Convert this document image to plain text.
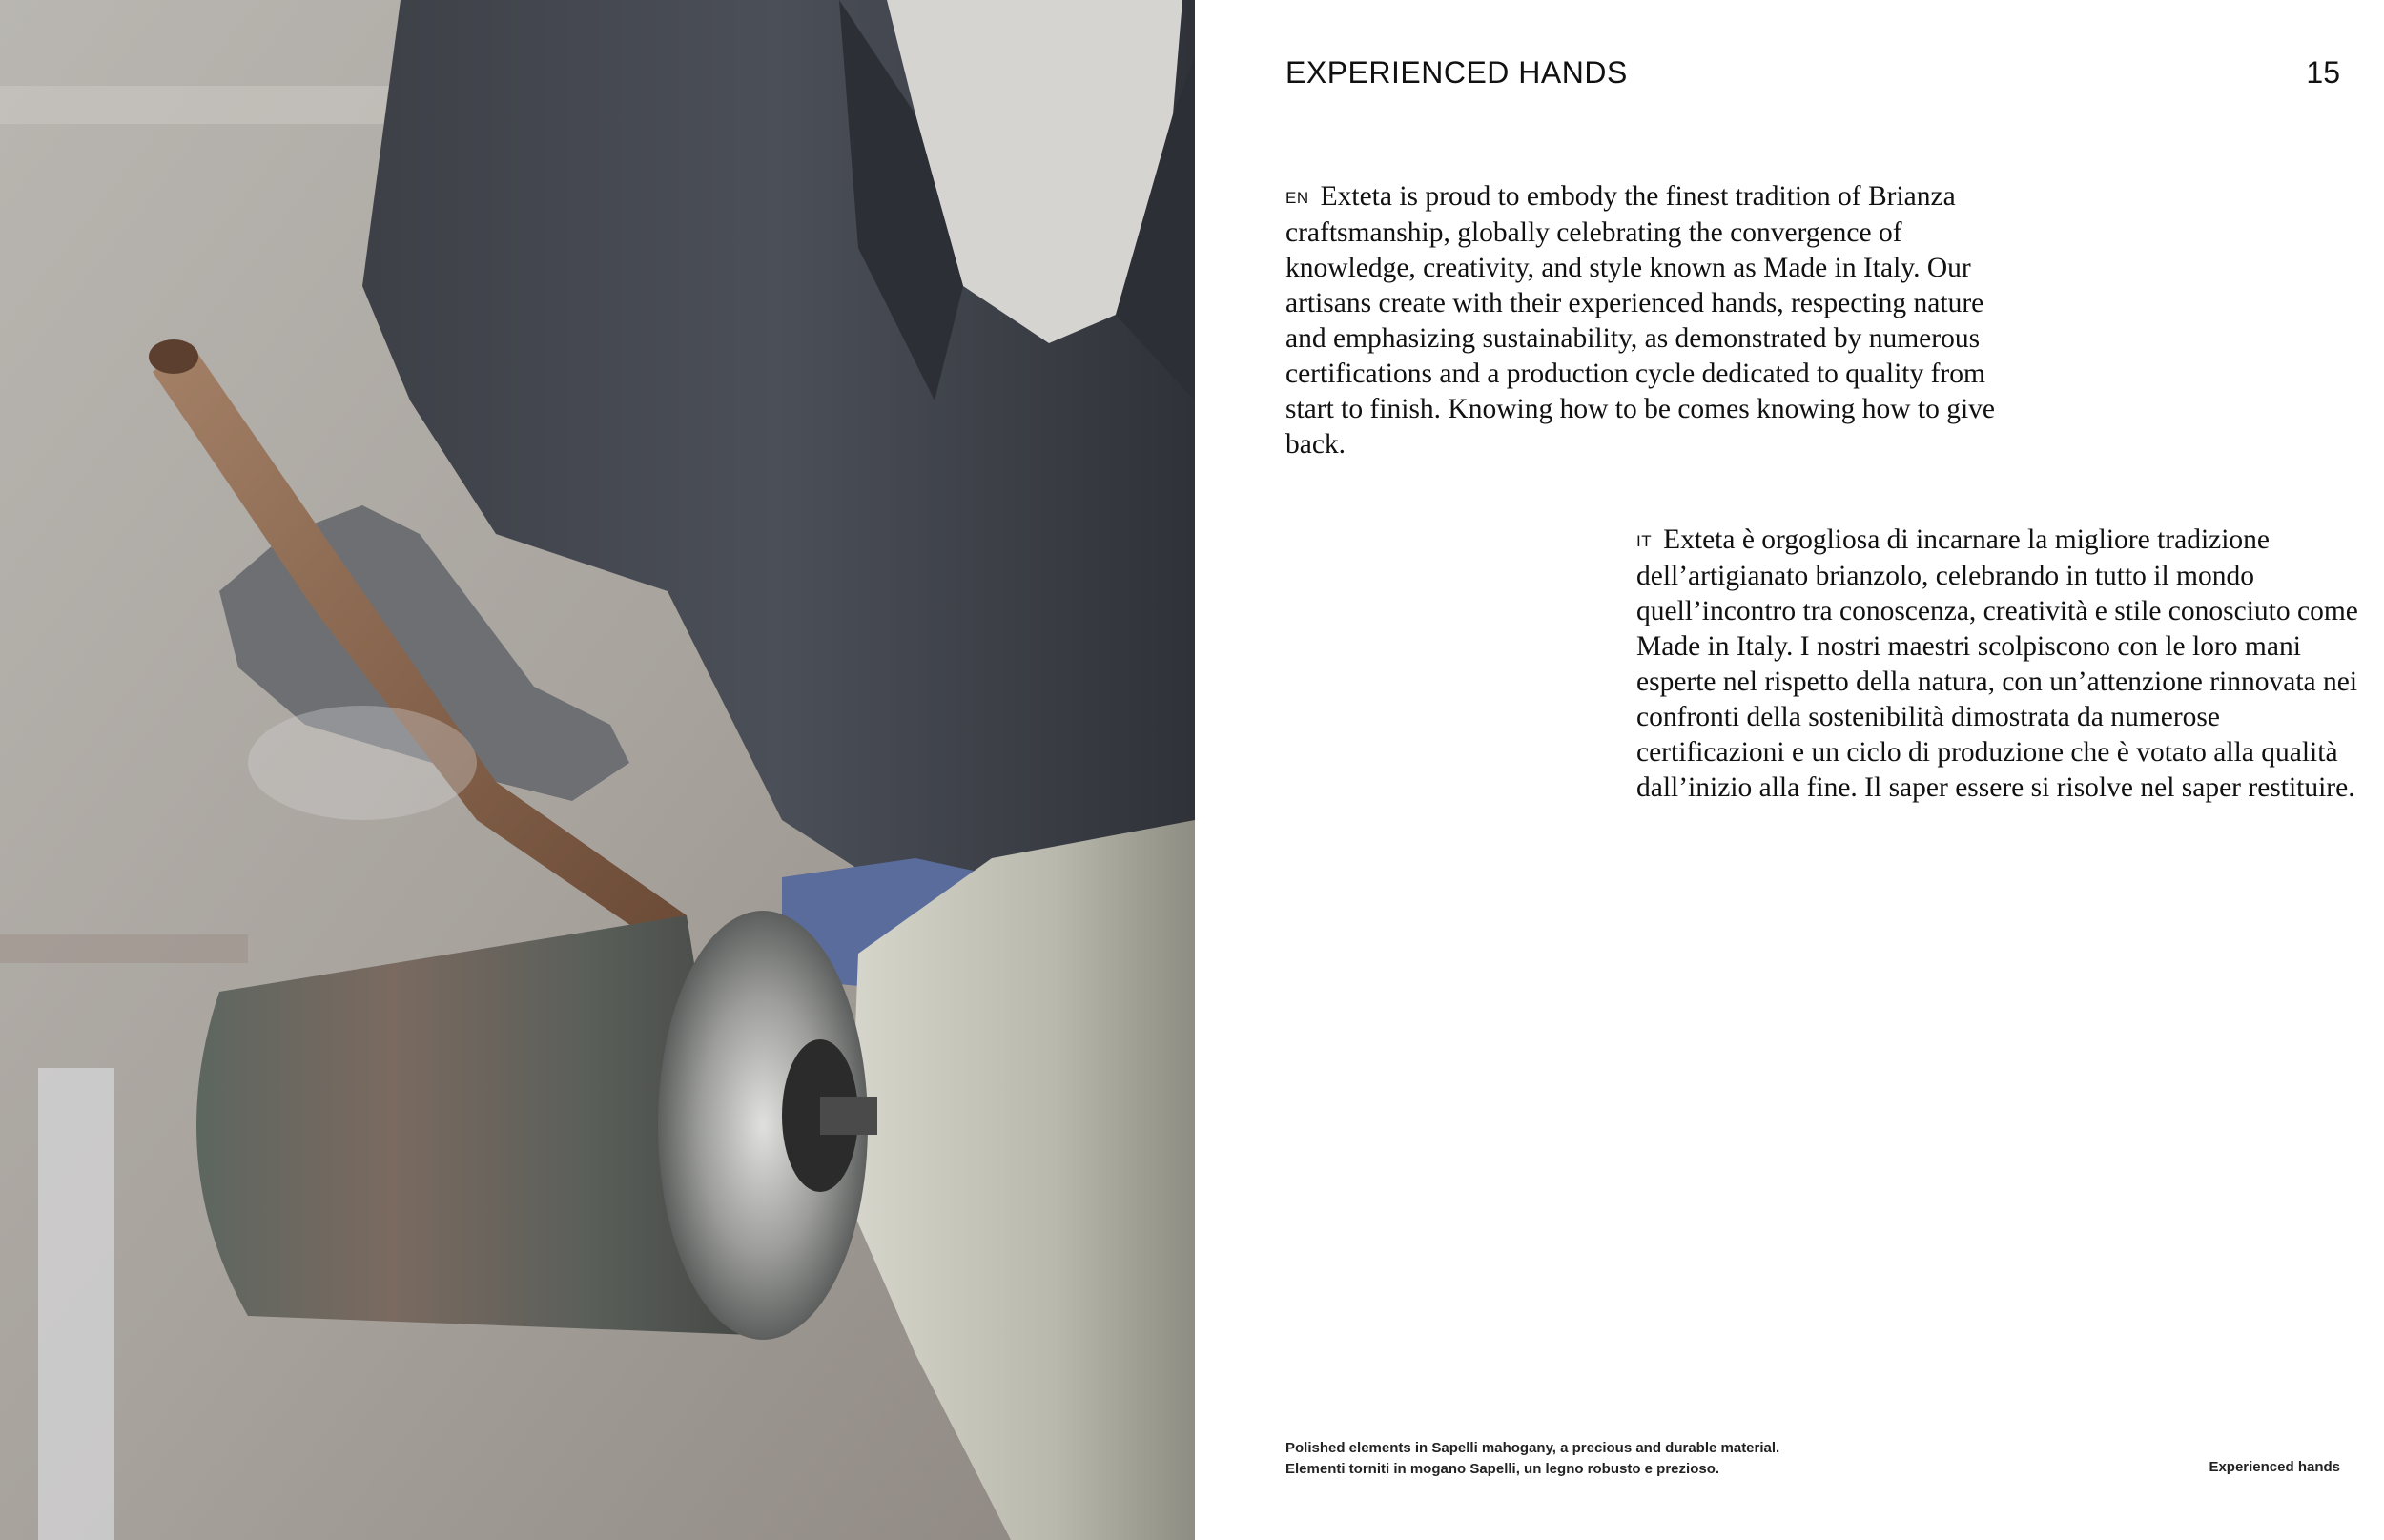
EXPERIENCED HANDS	15

EN Exteta is proud to embody the finest tradition of Brianza craftsmanship, globally celebrating the convergence of knowledge, creativity, and style known as Made in Italy. Our artisans create with their experienced hands, respecting nature and emphasizing sustainability, as demonstrated by numerous certifications and a production cycle dedicated to quality from start to finish. Knowing how to be comes knowing how to give back.

IT Exteta è orgogliosa di incarnare la migliore tradizione dell’artigianato brianzolo, celebrando in tutto il mondo quell’incontro tra conoscenza, creatività e stile conosciuto come Made in Italy. I nostri maestri scolpiscono con le loro mani esperte nel rispetto della natura, con un’attenzione rinnovata nei confronti della sostenibilità dimostrata da numerose certificazioni e un ciclo di produzione che è votato alla qualità dall’inizio alla fine. Il saper essere si risolve nel saper restituire.

Polished elements in Sapelli mahogany, a precious and durable material.
Elementi torniti in mogano Sapelli, un legno robusto e prezioso.	Experienced hands
